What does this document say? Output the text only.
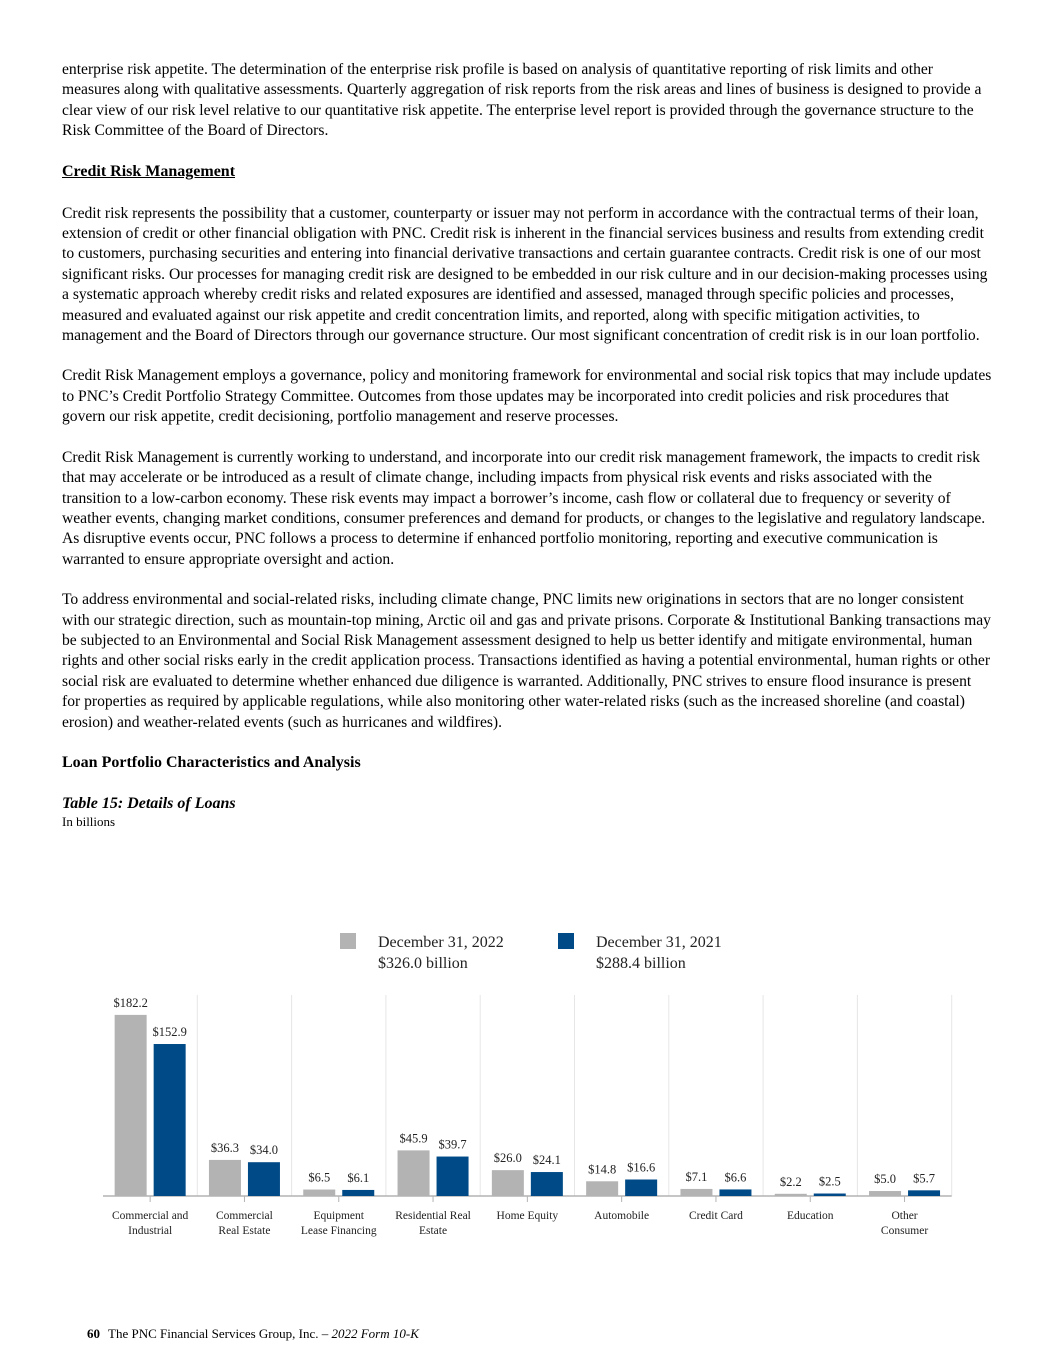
enterprise risk appetite. The determination of the enterprise risk profile is based on analysis of quantitative reporting of risk limits and other measures along with qualitative assessments. Quarterly aggregation of risk reports from the risk areas and lines of business is designed to provide a clear view of our risk level relative to our quantitative risk appetite. The enterprise level report is provided through the governance structure to the Risk Committee of the Board of Directors.

Credit Risk Management

Credit risk represents the possibility that a customer, counterparty or issuer may not perform in accordance with the contractual terms of their loan, extension of credit or other financial obligation with PNC. Credit risk is inherent in the financial services business and results from extending credit to customers, purchasing securities and entering into financial derivative transactions and certain guarantee contracts. Credit risk is one of our most significant risks. Our processes for managing credit risk are designed to be embedded in our risk culture and in our decision-making processes using a systematic approach whereby credit risks and related exposures are identified and assessed, managed through specific policies and processes, measured and evaluated against our risk appetite and credit concentration limits, and reported, along with specific mitigation activities, to management and the Board of Directors through our governance structure. Our most significant concentration of credit risk is in our loan portfolio.

Credit Risk Management employs a governance, policy and monitoring framework for environmental and social risk topics that may include updates to PNC’s Credit Portfolio Strategy Committee. Outcomes from those updates may be incorporated into credit policies and risk procedures that govern our risk appetite, credit decisioning, portfolio management and reserve processes.

Credit Risk Management is currently working to understand, and incorporate into our credit risk management framework, the impacts to credit risk that may accelerate or be introduced as a result of climate change, including impacts from physical risk events and risks associated with the transition to a low-carbon economy. These risk events may impact a borrower’s income, cash flow or collateral due to frequency or severity of weather events, changing market conditions, consumer preferences and demand for products, or changes to the legislative and regulatory landscape. As disruptive events occur, PNC follows a process to determine if enhanced portfolio monitoring, reporting and executive communication is warranted to ensure appropriate oversight and action.

To address environmental and social-related risks, including climate change, PNC limits new originations in sectors that are no longer consistent with our strategic direction, such as mountain-top mining, Arctic oil and gas and private prisons. Corporate & Institutional Banking transactions may be subjected to an Environmental and Social Risk Management assessment designed to help us better identify and mitigate environmental, human rights and other social risks early in the credit application process. Transactions identified as having a potential environmental, human rights or other social risk are evaluated to determine whether enhanced due diligence is warranted. Additionally, PNC strives to ensure flood insurance is present for properties as required by applicable regulations, while also monitoring other water-related risks (such as the increased shoreline (and coastal) erosion) and weather-related events (such as hurricanes and wildfires).

Loan Portfolio Characteristics and Analysis
Table 15: Details of Loans
In billions
$182.2
$152.9
Commercial and
Industrial
$36.3 $34.0
Commercial
Real Estate
$6.5 $6.1
Equipment
Lease Financing
$45.9 $39.7
Residential Real
Estate
$26.0 $24.1
Home Equity
$14.8 $16.6
Automobile
$7.1 $6.6
Credit Card
$2.2 $2.5
Education
$5.0 $5.7
Other
Consumer
December 31, 2022
$326.0 billion
December 31, 2021
$288.4 billion
60 The PNC Financial Services Group, Inc. – 2022 Form 10-K
